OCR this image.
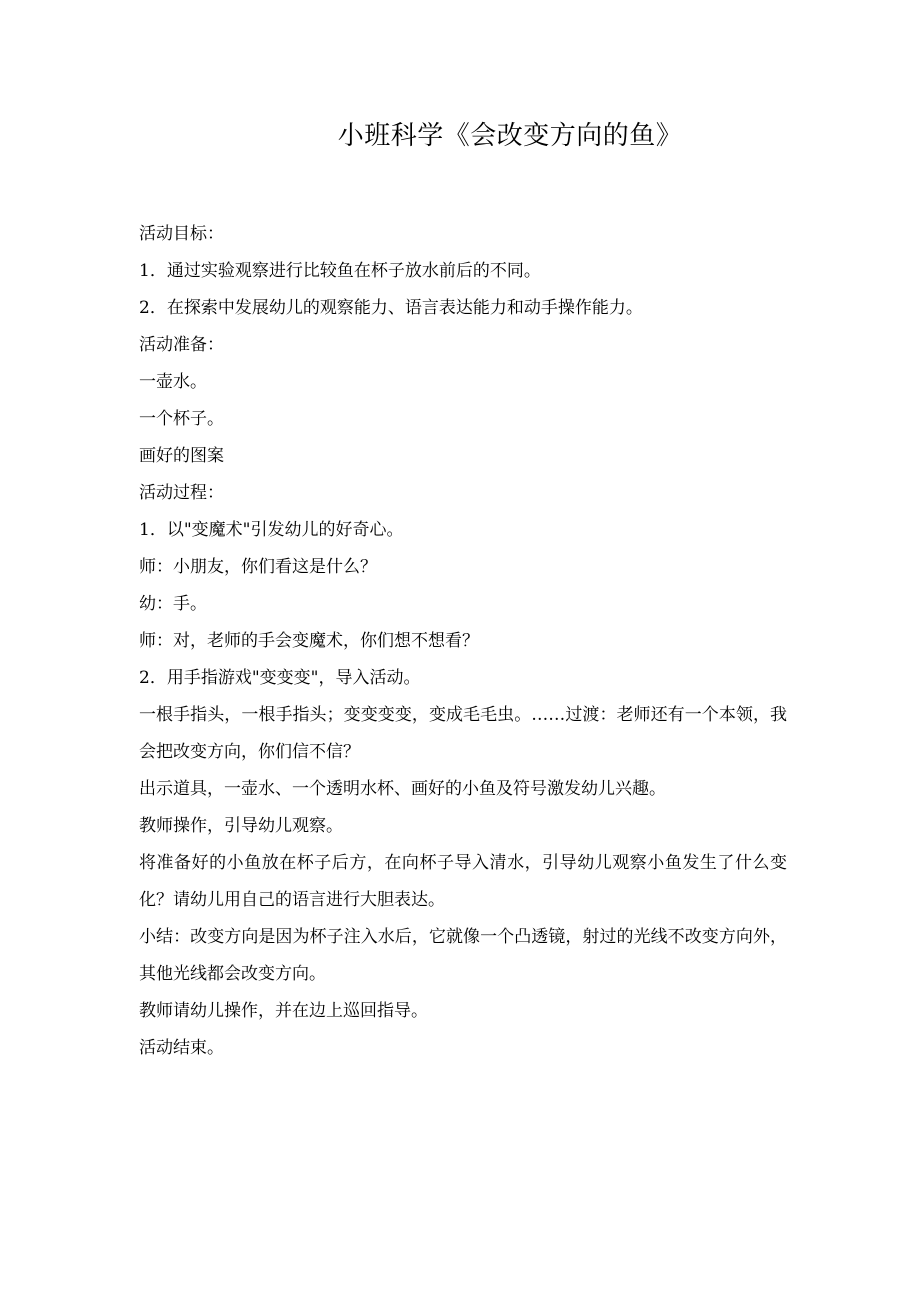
小班科学《会改变方向的鱼》

活动目标：

1．通过实验观察进行比较鱼在杯子放水前后的不同。

2．在探索中发展幼儿的观察能力、语言表达能力和动手操作能力。

活动准备：

一壶水。

一个杯子。

画好的图案

活动过程：

1．以"变魔术"引发幼儿的好奇心。

师：小朋友，你们看这是什么？

幼：手。

师：对，老师的手会变魔术，你们想不想看？

2．用手指游戏"变变变"，导入活动。

一根手指头，一根手指头；变变变变，变成毛毛虫。……过渡：老师还有一个本领，我会把改变方向，你们信不信？

出示道具，一壶水、一个透明水杯、画好的小鱼及符号激发幼儿兴趣。

教师操作，引导幼儿观察。

将准备好的小鱼放在杯子后方，在向杯子导入清水，引导幼儿观察小鱼发生了什么变化？请幼儿用自己的语言进行大胆表达。

小结：改变方向是因为杯子注入水后，它就像一个凸透镜，射过的光线不改变方向外，其他光线都会改变方向。

教师请幼儿操作，并在边上巡回指导。

活动结束。
